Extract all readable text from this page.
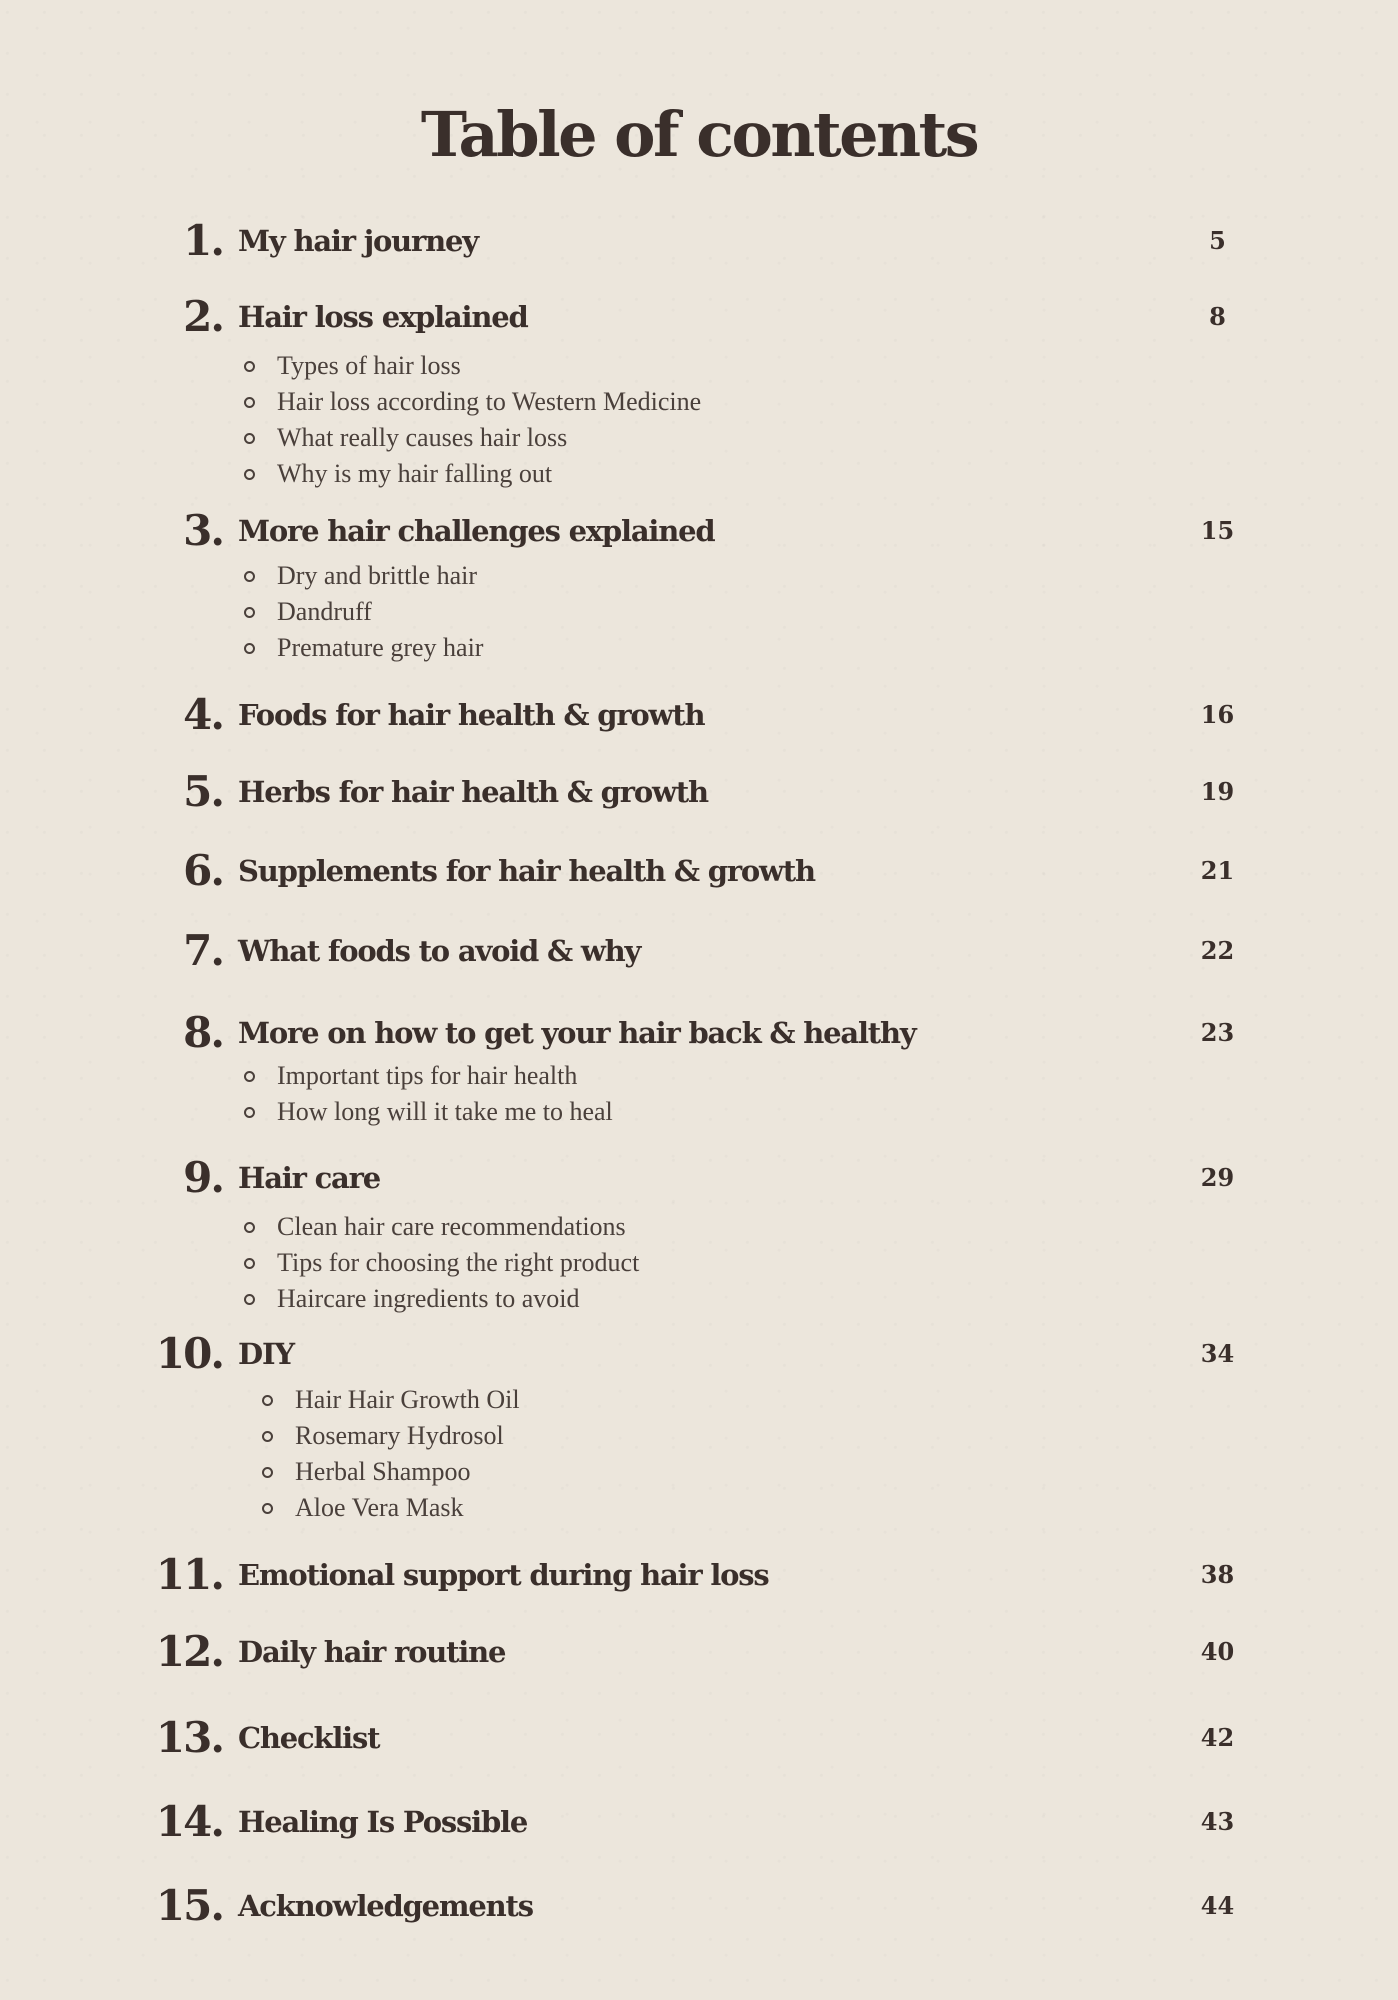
Table of contents
1. My hair journey	5
2. Hair loss explained	8
Types of hair loss
Hair loss according to Western Medicine
What really causes hair loss
Why is my hair falling out
3. More hair challenges explained	15
Dry and brittle hair
Dandruff
Premature grey hair
4. Foods for hair health & growth	16
5. Herbs for hair health & growth	19
6. Supplements for hair health & growth	21
7. What foods to avoid & why	22
8. More on how to get your hair back & healthy	23
Important tips for hair health
How long will it take me to heal
9. Hair care	29
Clean hair care recommendations
Tips for choosing the right product
Haircare ingredients to avoid
10. DIY	34
Hair Hair Growth Oil
Rosemary Hydrosol
Herbal Shampoo
Aloe Vera Mask
11. Emotional support during hair loss	38
12. Daily hair routine	40
13. Checklist	42
14. Healing Is Possible	43
15. Acknowledgements	44
